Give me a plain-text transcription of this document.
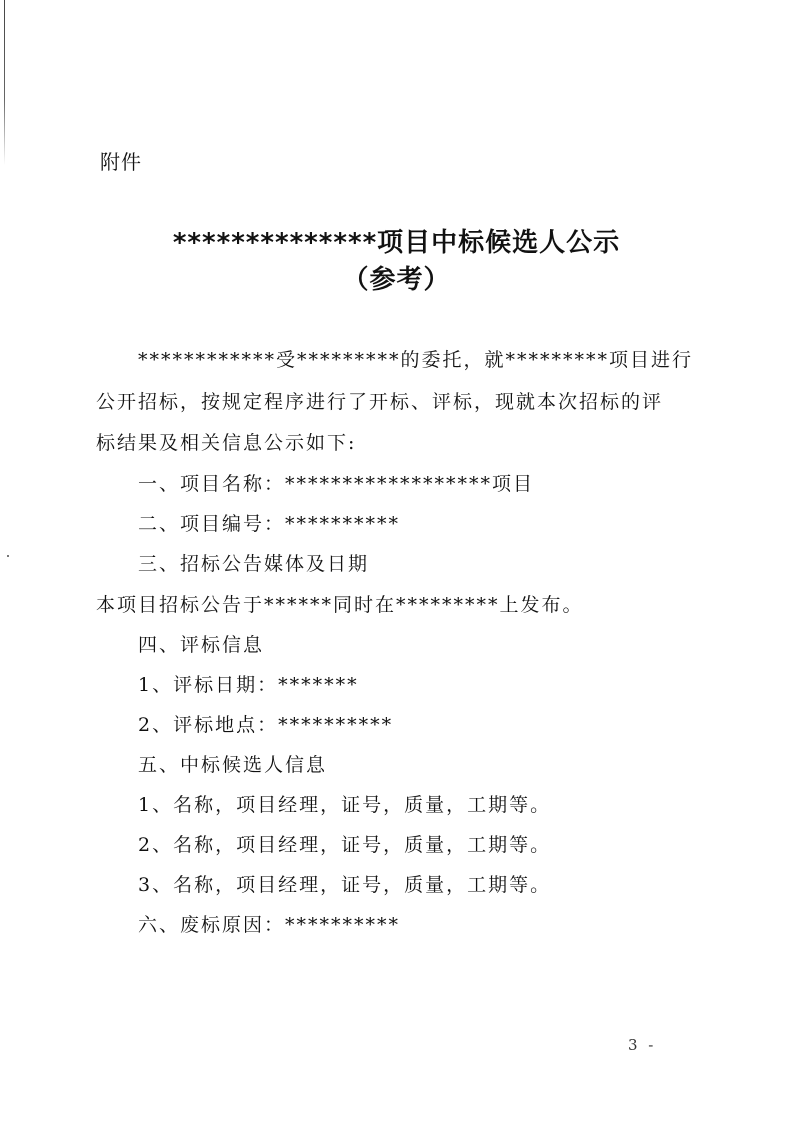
附件
**************项目中标候选人公示
（参考）
************受*********的委托，就*********项目进行
公开招标，按规定程序进行了开标、评标，现就本次招标的评
标结果及相关信息公示如下:
一、项目名称：******************项目
二、项目编号：**********
三、招标公告媒体及日期
本项目招标公告于******同时在*********上发布。
四、评标信息
1、评标日期：*******
2、评标地点：**********
五、中标候选人信息
1、名称，项目经理，证号，质量，工期等。
2、名称，项目经理，证号，质量，工期等。
3、名称，项目经理，证号，质量，工期等。
六、废标原因：**********
3 -
